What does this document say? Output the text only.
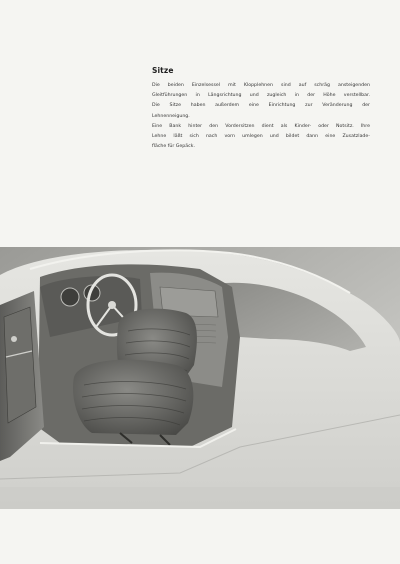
Sitze

Die beiden Einzelsessel mit Klopplehnen sind auf schräg ansteigenden

Gleitführungen in Längsrichtung und zugleich in der Höhe verstellbar.

Die Sitze haben außerdem eine Einrichtung zur Veränderung der

Lehnenneigung.

Eine Bank hinter den Vordersitzen dient als Kinder- oder Notsitz. Ihre

Lehne läßt sich nach vorn umlegen und bildet dann eine Zusatzlade-

fläche für Gepäck.
